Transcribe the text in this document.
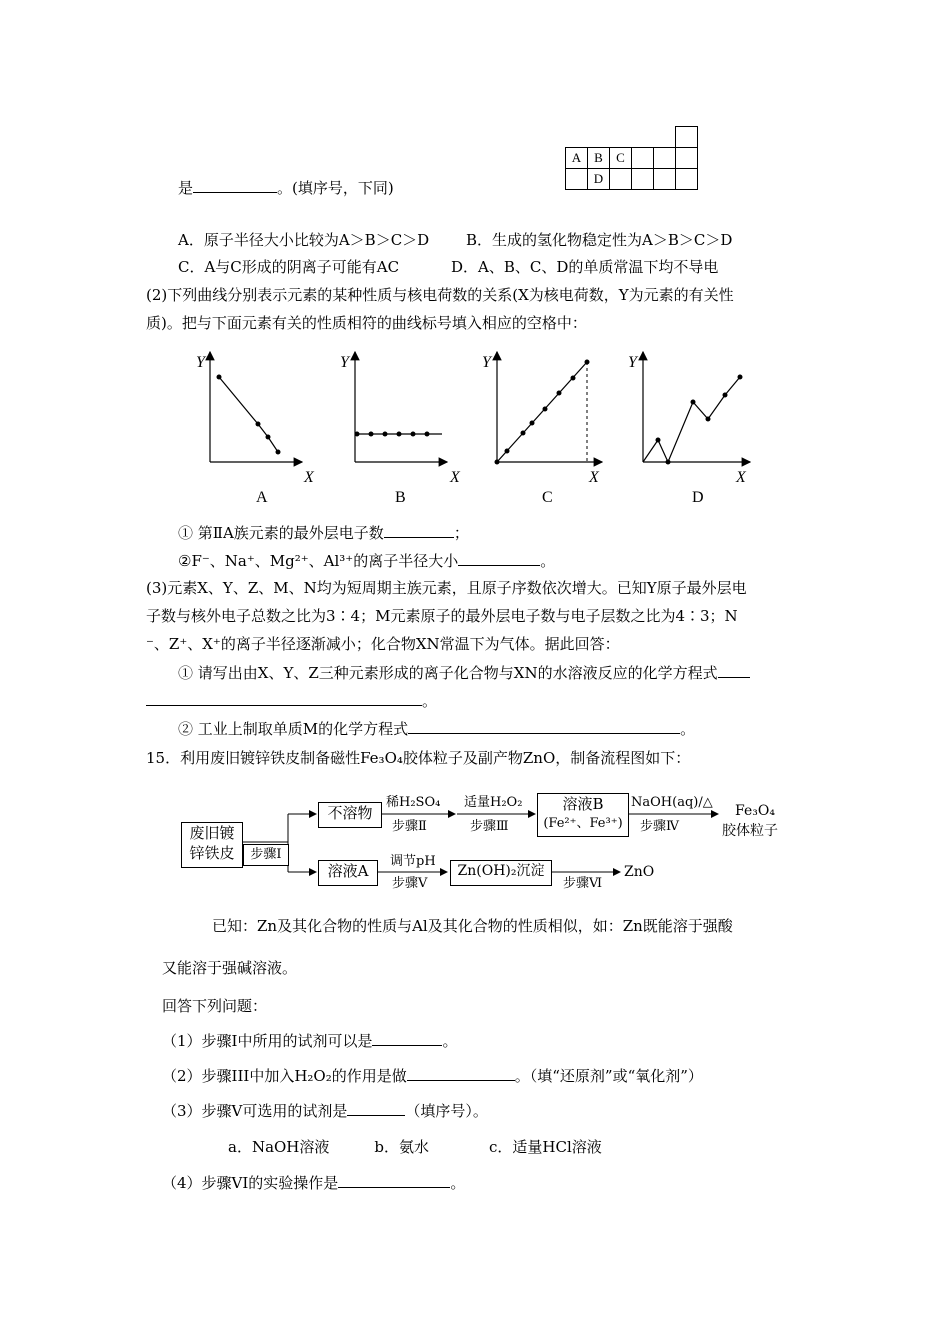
A	B	C			
	D				
是	。(填序号，下同)
A．原子半径大小比较为A＞B＞C＞D B．生成的氢化物稳定性为A＞B＞C＞D
C．A与C形成的阴离子可能有AC	D．A、B、C、D的单质常温下均不导电
(2)下列曲线分别表示元素的某种性质与核电荷数的关系(X为核电荷数，Y为元素的有关性
质)。把与下面元素有关的性质相符的曲线标号填入相应的空格中：
Y
X
A
Y
X
B
Y
X
C
Y
X
D
① 第ⅡA族元素的最外层电子数	；
②F⁻、Na⁺、Mg²⁺、Al³⁺的离子半径大小	。
(3)元素X、Y、Z、M、N均为短周期主族元素，且原子序数依次增大。已知Y原子最外层电
子数与核外电子总数之比为3∶4；M元素原子的最外层电子数与电子层数之比为4∶3；N
⁻、Z⁺、X⁺的离子半径逐渐减小；化合物XN常温下为气体。据此回答：
① 请写出由X、Y、Z三种元素形成的离子化合物与XN的水溶液反应的化学方程式
。
② 工业上制取单质M的化学方程式	。
15．利用废旧镀锌铁皮制备磁性Fe₃O₄胶体粒子及副产物ZnO，制备流程图如下：
废旧镀
锌铁皮	步骤Ⅰ
不溶物
稀H₂SO₄
步骤Ⅱ
适量H₂O₂
步骤Ⅲ
溶液B
(Fe²⁺、Fe³⁺)
NaOH(aq)/△
步骤Ⅳ
Fe₃O₄
胶体粒子
溶液A
调节pH
步骤Ⅴ
Zn(OH)₂沉淀
步骤Ⅵ
ZnO
已知：Zn及其化合物的性质与Al及其化合物的性质相似，如：Zn既能溶于强酸
又能溶于强碱溶液。
回答下列问题：
（1）步骤Ⅰ中所用的试剂可以是	。
（2）步骤III中加入H₂O₂的作用是做	。（填“还原剂”或“氧化剂”）
（3）步骤V可选用的试剂是	（填序号）。
a．NaOH溶液　　　b．氨水　　　　c．适量HCl溶液
（4）步骤VI的实验操作是	。
